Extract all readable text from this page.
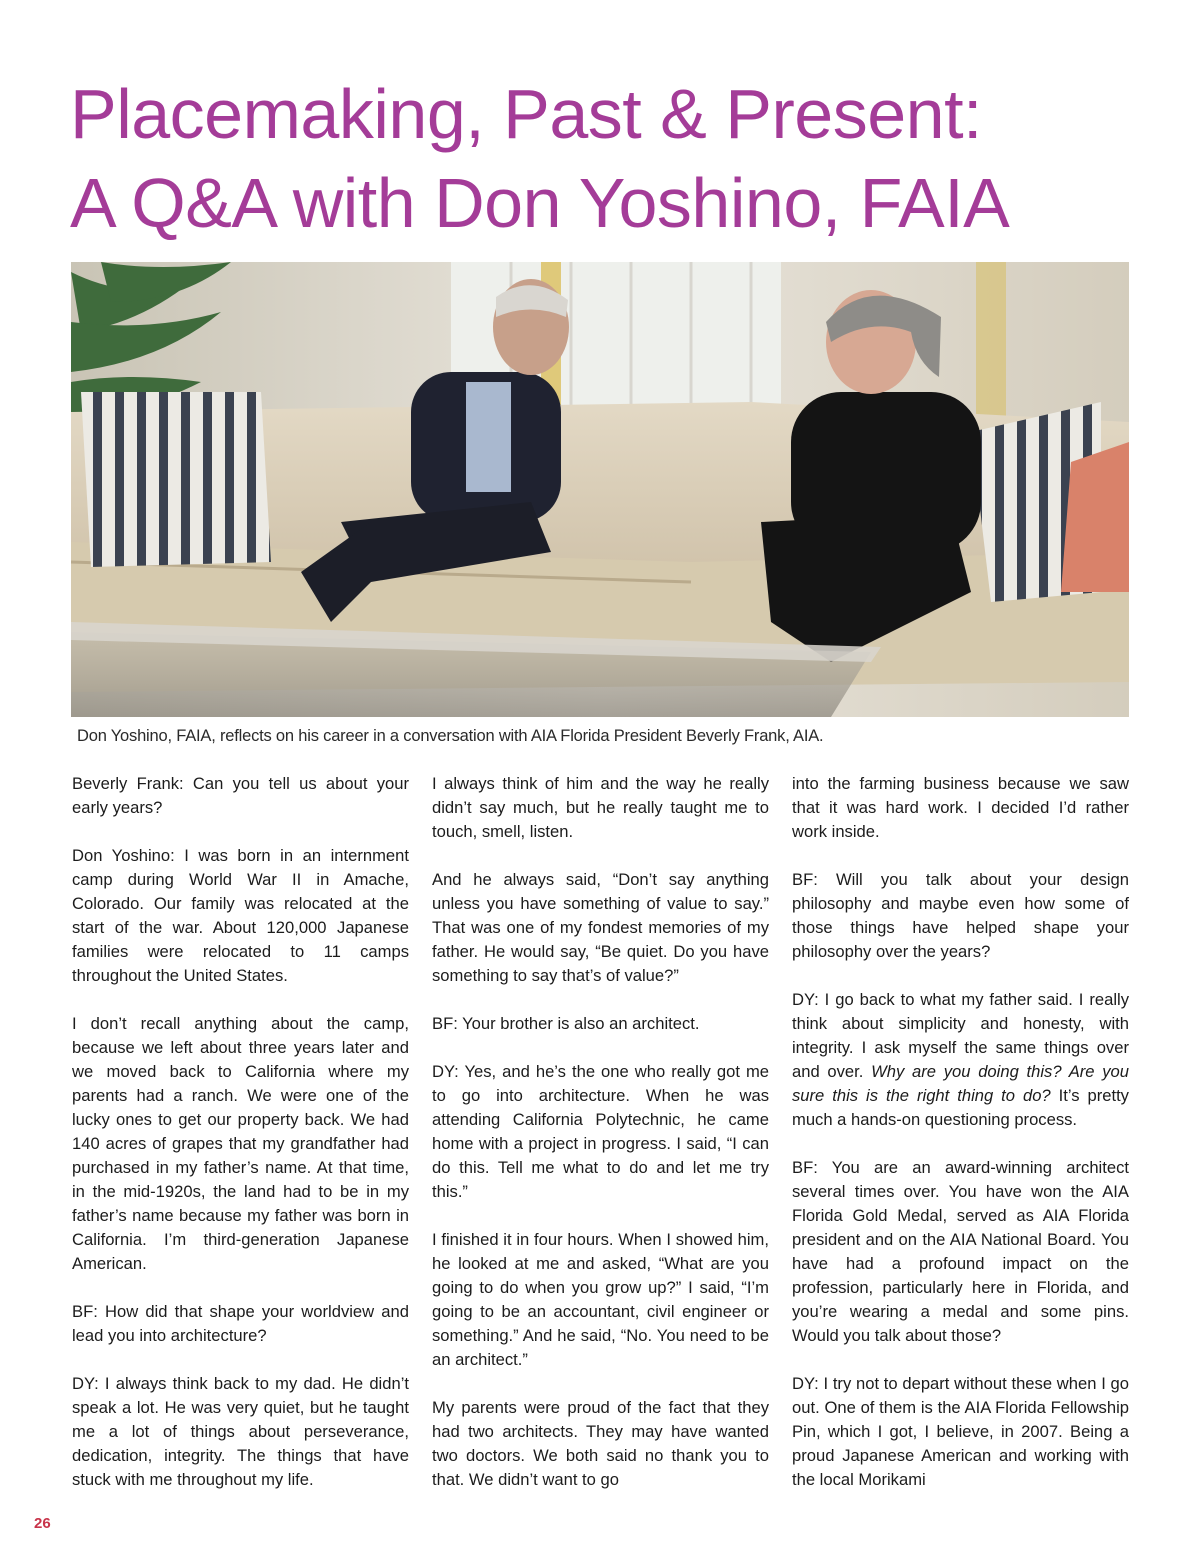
Placemaking, Past & Present:
A Q&A with Don Yoshino, FAIA
Don Yoshino, FAIA, reflects on his career in a conversation with AIA Florida President Beverly Frank, AIA.

Beverly Frank: Can you tell us about your early years?

Don Yoshino: I was born in an internment camp during World War II in Amache, Colorado. Our family was relocated at the start of the war. About 120,000 Japanese families were relocated to 11 camps throughout the United States.

I don’t recall anything about the camp, because we left about three years later and we moved back to California where my parents had a ranch. We were one of the lucky ones to get our property back. We had 140 acres of grapes that my grandfather had purchased in my father’s name. At that time, in the mid-1920s, the land had to be in my father’s name because my father was born in California. I’m third-generation Japanese American.

BF: How did that shape your worldview and lead you into architecture?

DY: I always think back to my dad. He didn’t speak a lot. He was very quiet, but he taught me a lot of things about perseverance, dedication, integrity. The things that have stuck with me throughout my life.

I always think of him and the way he really didn’t say much, but he really taught me to touch, smell, listen.

And he always said, “Don’t say anything unless you have something of value to say.” That was one of my fondest memories of my father. He would say, “Be quiet. Do you have something to say that’s of value?”

BF: Your brother is also an architect.

DY: Yes, and he’s the one who really got me to go into architecture. When he was attending California Polytechnic, he came home with a project in progress. I said, “I can do this. Tell me what to do and let me try this.”

I finished it in four hours. When I showed him, he looked at me and asked, “What are you going to do when you grow up?” I said, “I’m going to be an accountant, civil engineer or something.” And he said, “No. You need to be an architect.”

My parents were proud of the fact that they had two architects. They may have wanted two doctors. We both said no thank you to that. We didn’t want to go

into the farming business because we saw that it was hard work. I decided I’d rather work inside.

BF: Will you talk about your design philosophy and maybe even how some of those things have helped shape your philosophy over the years?

DY: I go back to what my father said. I really think about simplicity and honesty, with integrity. I ask myself the same things over and over. Why are you doing this? Are you sure this is the right thing to do? It’s pretty much a hands-on questioning process.

BF: You are an award-winning architect several times over. You have won the AIA Florida Gold Medal, served as AIA Florida president and on the AIA National Board. You have had a profound impact on the profession, particularly here in Florida, and you’re wearing a medal and some pins. Would you talk about those?

DY: I try not to depart without these when I go out. One of them is the AIA Florida Fellowship Pin, which I got, I believe, in 2007. Being a proud Japanese American and working with the local Morikami

26
